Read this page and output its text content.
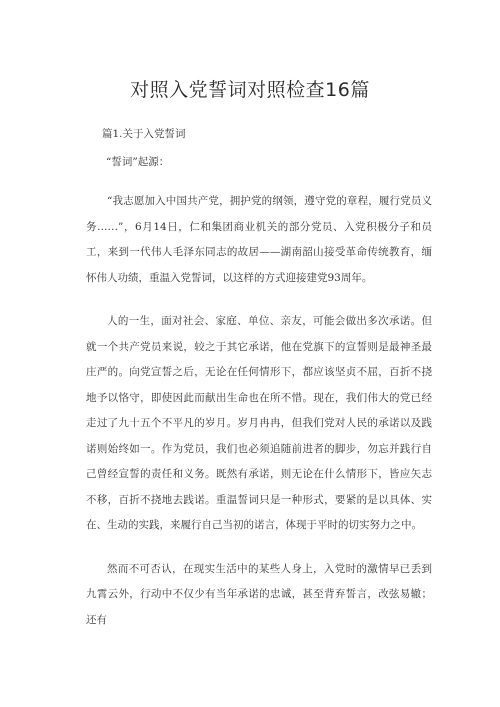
对照入党誓词对照检查16篇
篇1.关于入党誓词
“誓词”起源：

“我志愿加入中国共产党，拥护党的纲领，遵守党的章程，履行党员义务……”，6月14日，仁和集团商业机关的部分党员、入党积极分子和员工，来到一代伟人毛泽东同志的故居——湖南韶山接受革命传统教育，缅怀伟人功绩，重温入党誓词，以这样的方式迎接建党93周年。

人的一生，面对社会、家庭、单位、亲友，可能会做出多次承诺。但就一个共产党员来说，较之于其它承诺，他在党旗下的宣誓则是最神圣最庄严的。向党宣誓之后，无论在任何情形下，都应该坚贞不屈，百折不挠地予以恪守，即使因此而献出生命也在所不惜。现在，我们伟大的党已经走过了九十五个不平凡的岁月。岁月冉冉，但我们党对人民的承诺以及践诺则始终如一。作为党员，我们也必须追随前进者的脚步，勿忘并践行自己曾经宣誓的责任和义务。既然有承诺，则无论在什么情形下，皆应矢志不移，百折不挠地去践诺。重温誓词只是一种形式，要紧的是以具体、实在、生动的实践，来履行自己当初的诺言，体现于平时的切实努力之中。

然而不可否认，在现实生活中的某些人身上，入党时的激情早已丢到九霄云外，行动中不仅少有当年承诺的忠诚，甚至背弃誓言，改弦易辙；还有
